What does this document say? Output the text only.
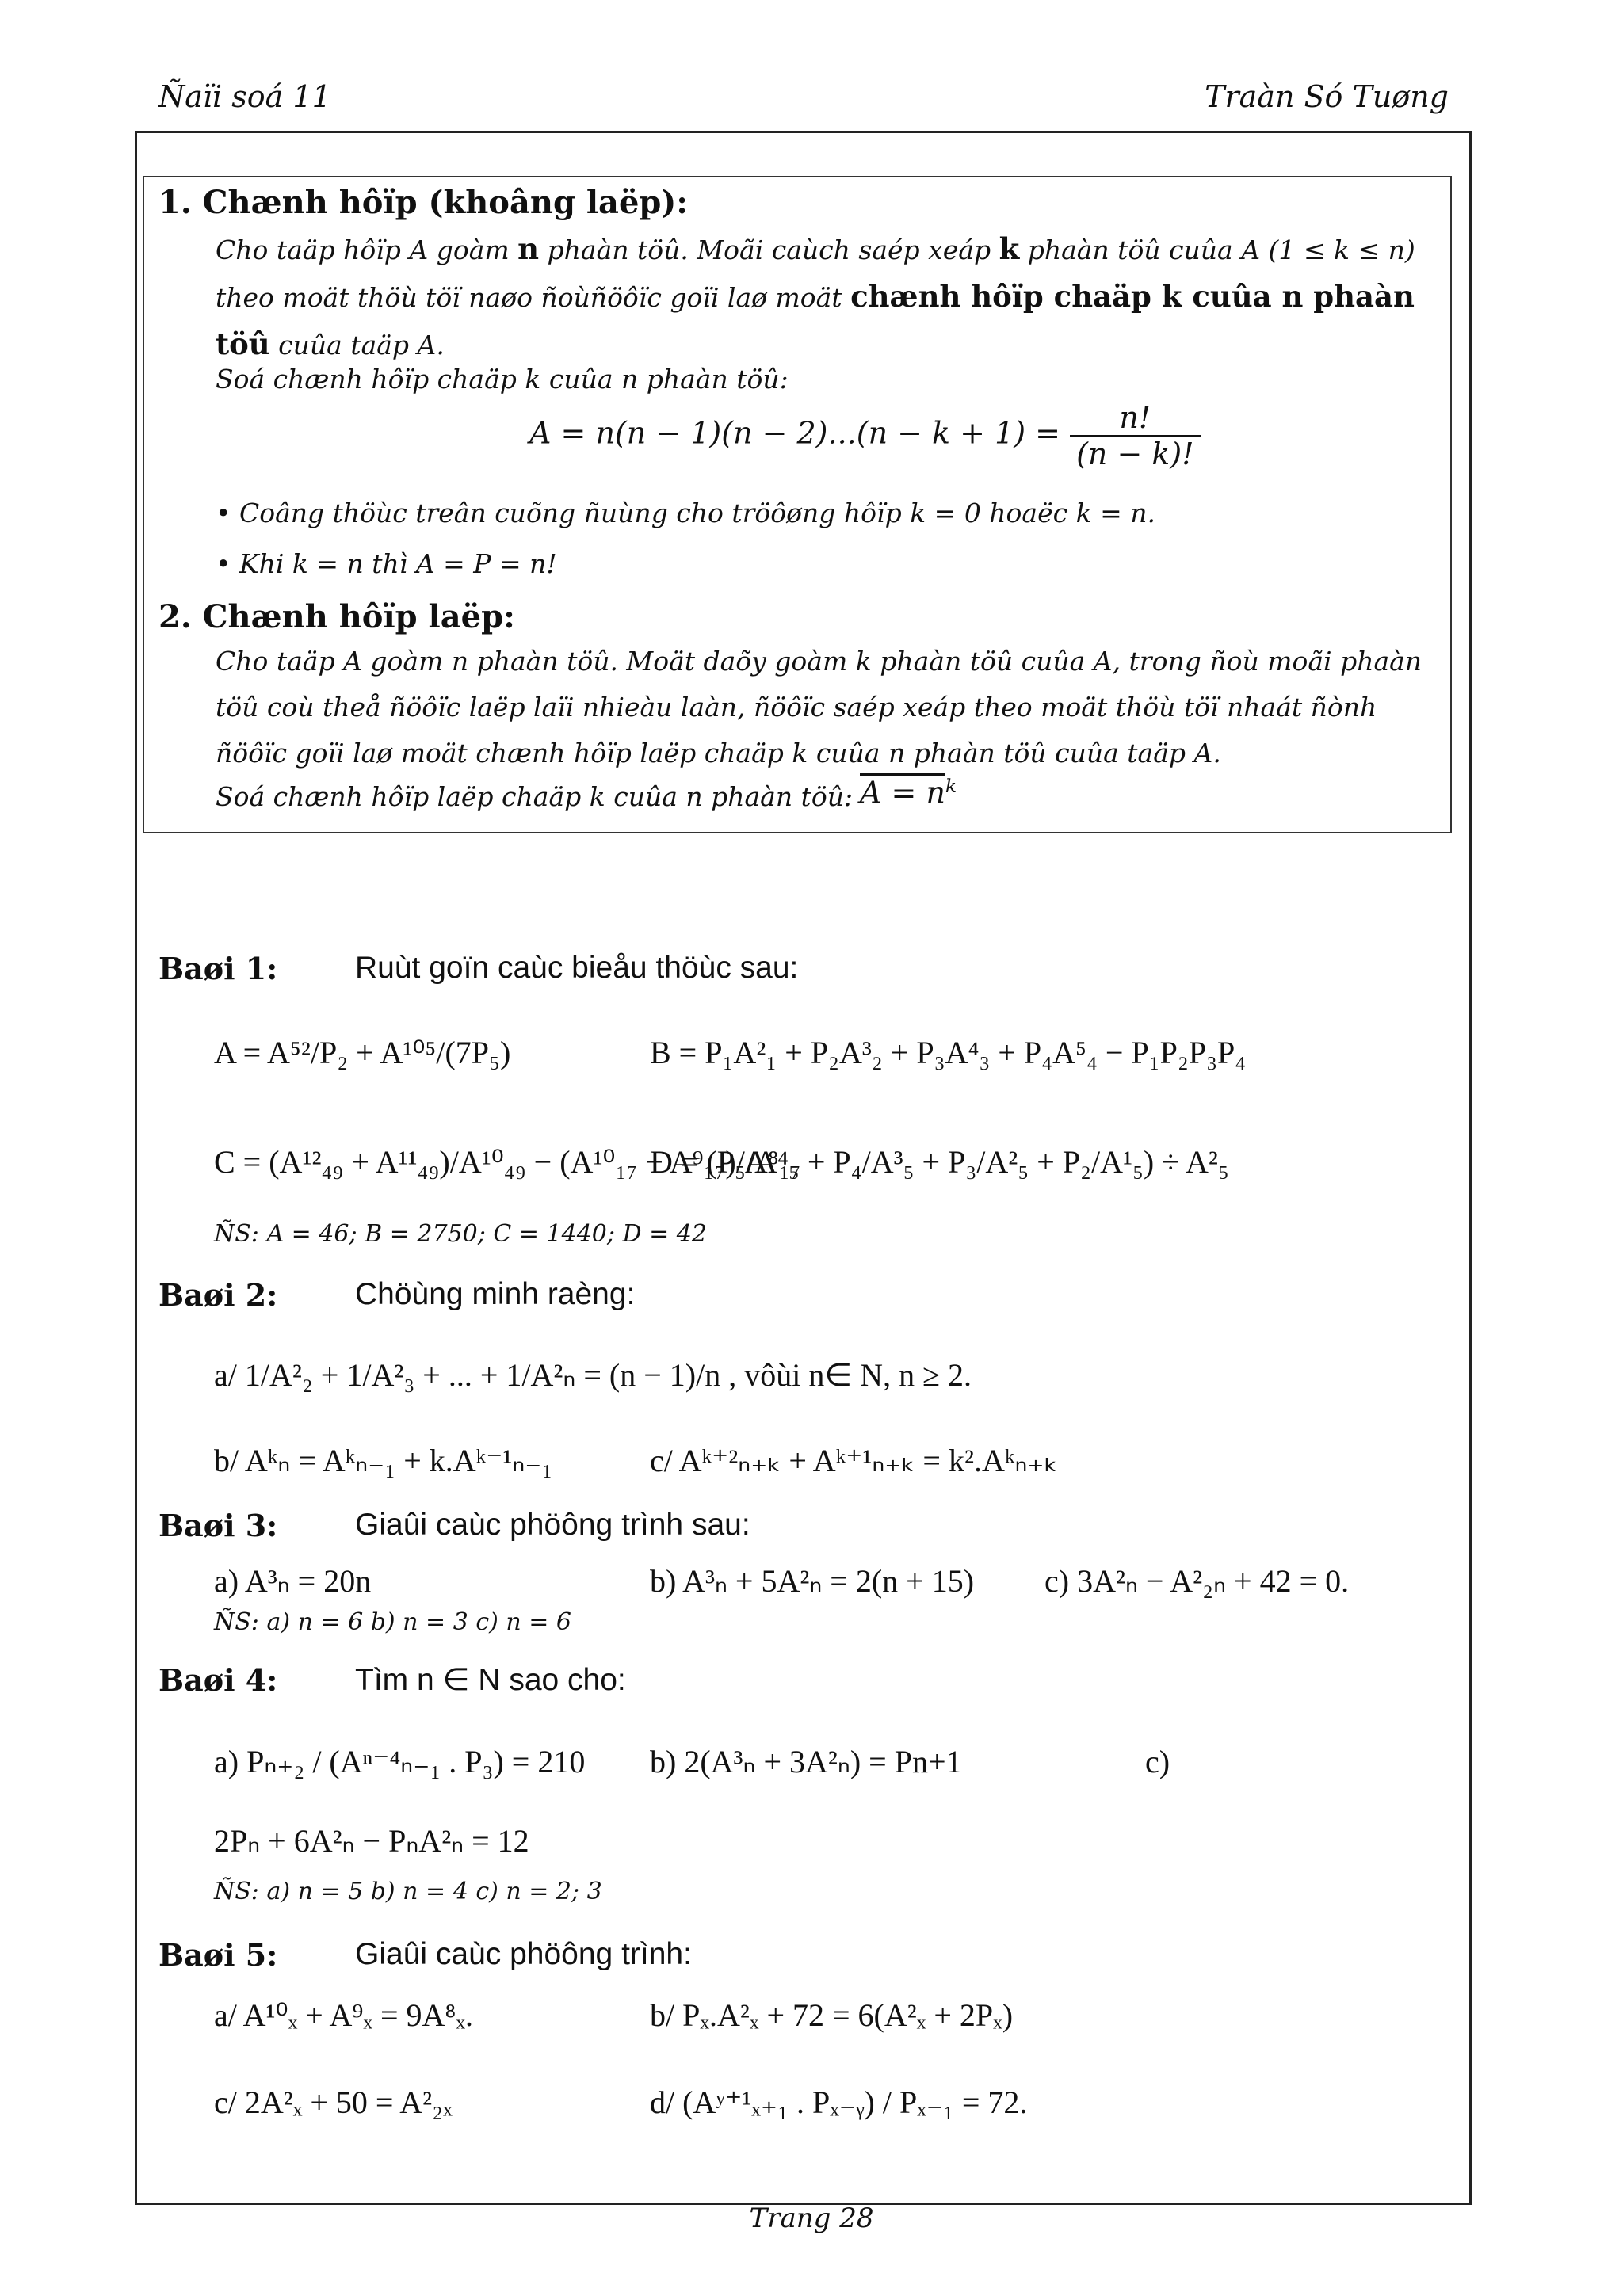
Ñaïi soá 11	Traàn Só Tuøng
1. Chænh hôïp (khoâng laëp):
Cho taäp hôïp A goàm n phaàn töû. Moãi caùch saép xeáp k phaàn töû cuûa A (1 ≤ k ≤ n) theo moät thöù töï naøo ñoùñöôïc goïi laø moät chænh hôïp chaäp k cuûa n phaàn töû cuûa taäp A.
Soá chænh hôïp chaäp k cuûa n phaàn töû:
$A = n(n - 1)(n - 2)...(n - k + 1) = \frac{n!}{(n - k)!}$
• Coâng thöùc treân cuõng ñuùng cho tröôøng hôïp k = 0 hoaëc k = n.
• Khi k = n thì A = P = n!
2. Chænh hôïp laëp:
Cho taäp A goàm n phaàn töû. Moät daõy goàm k phaàn töû cuûa A, trong ñoù moãi phaàn töû coù theå ñöôïc laëp laïi nhieàu laàn, ñöôïc saép xeáp theo moät thöù töï nhaát ñònh ñöôïc goïi laø moät chænh hôïp laëp chaäp k cuûa n phaàn töû cuûa taäp A.
Soá chænh hôïp laëp chaäp k cuûa n phaàn töû: $A = n^k$
Baøi 1:	Ruùt goïn caùc bieåu thöùc sau:
A = A⁵²/P₂ + A¹⁰⁵/(7P₅)	B = P₁A²₁ + P₂A³₂ + P₃A⁴₃ + P₄A⁵₄ − P₁P₂P₃P₄
C = (A¹²₄₉ + A¹¹₄₉)/A¹⁰₄₉ − (A¹⁰₁₇ + A⁹₁₇)/A⁸₁₇
D = (P₅/A⁴₅ + P₄/A³₅ + P₃/A²₅ + P₂/A¹₅) ÷ A²₅
ÑS: A = 46; B = 2750; C = 1440; D = 42
Baøi 2:	Chöùng minh raèng:
a/ 1/A²₂ + 1/A²₃ + ... + 1/A²ₙ = (n − 1)/n , vôùi n∈ N, n ≥ 2.
b/ Aᵏₙ = Aᵏₙ₋₁ + k.Aᵏ⁻¹ₙ₋₁	c/ Aᵏ⁺²ₙ₊ₖ + Aᵏ⁺¹ₙ₊ₖ = k².Aᵏₙ₊ₖ
Baøi 3:	Giaûi caùc phöông trình sau:
a) A³ₙ = 20n	b) A³ₙ + 5A²ₙ = 2(n + 15) c) 3A²ₙ − A²₂ₙ + 42 = 0.
ÑS: a) n = 6 b) n = 3 c) n = 6
Baøi 4:	Tìm n ∈ N sao cho:
a) Pₙ₊₂ / (Aⁿ⁻⁴ₙ₋₁ . P₃) = 210 b) 2(A³ₙ + 3A²ₙ) = Pn+1	c)
2Pₙ + 6A²ₙ − PₙA²ₙ = 12
ÑS: a) n = 5 b) n = 4 c) n = 2; 3
Baøi 5:	Giaûi caùc phöông trình:
a/ A¹⁰ₓ + A⁹ₓ = 9A⁸ₓ.	b/ Pₓ.A²ₓ + 72 = 6(A²ₓ + 2Pₓ)
c/ 2A²ₓ + 50 = A²₂ₓ	d/ (Aʸ⁺¹ₓ₊₁ . Pₓ₋ᵧ) / Pₓ₋₁ = 72.
Trang 28
